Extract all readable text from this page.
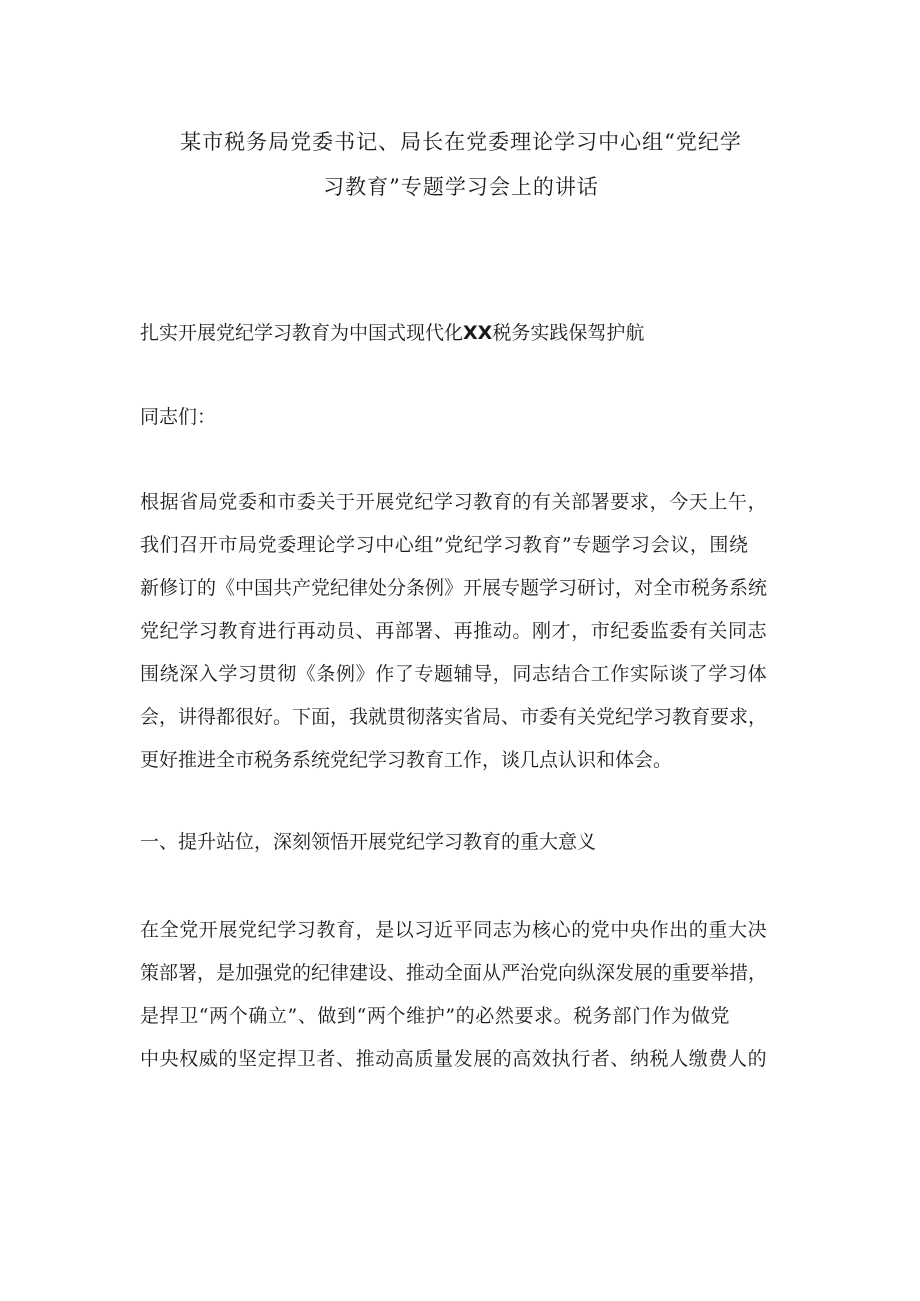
某市税务局党委书记、局长在党委理论学习中心组“党纪学
习教育”专题学习会上的讲话

扎实开展党纪学习教育为中国式现代化XX税务实践保驾护航

同志们：

根据省局党委和市委关于开展党纪学习教育的有关部署要求，今天上午，
我们召开市局党委理论学习中心组”党纪学习教育”专题学习会议，围绕
新修订的《中国共产党纪律处分条例》开展专题学习研讨，对全市税务系统
党纪学习教育进行再动员、再部署、再推动。刚才，市纪委监委有关同志
围绕深入学习贯彻《条例》作了专题辅导，同志结合工作实际谈了学习体
会，讲得都很好。下面，我就贯彻落实省局、市委有关党纪学习教育要求，
更好推进全市税务系统党纪学习教育工作，谈几点认识和体会。

一、提升站位，深刻领悟开展党纪学习教育的重大意义

在全党开展党纪学习教育，是以习近平同志为核心的党中央作出的重大决
策部署，是加强党的纪律建设、推动全面从严治党向纵深发展的重要举措，
是捍卫“两个确立”、做到“两个维护”的必然要求。税务部门作为做党
中央权威的坚定捍卫者、推动高质量发展的高效执行者、纳税人缴费人的
